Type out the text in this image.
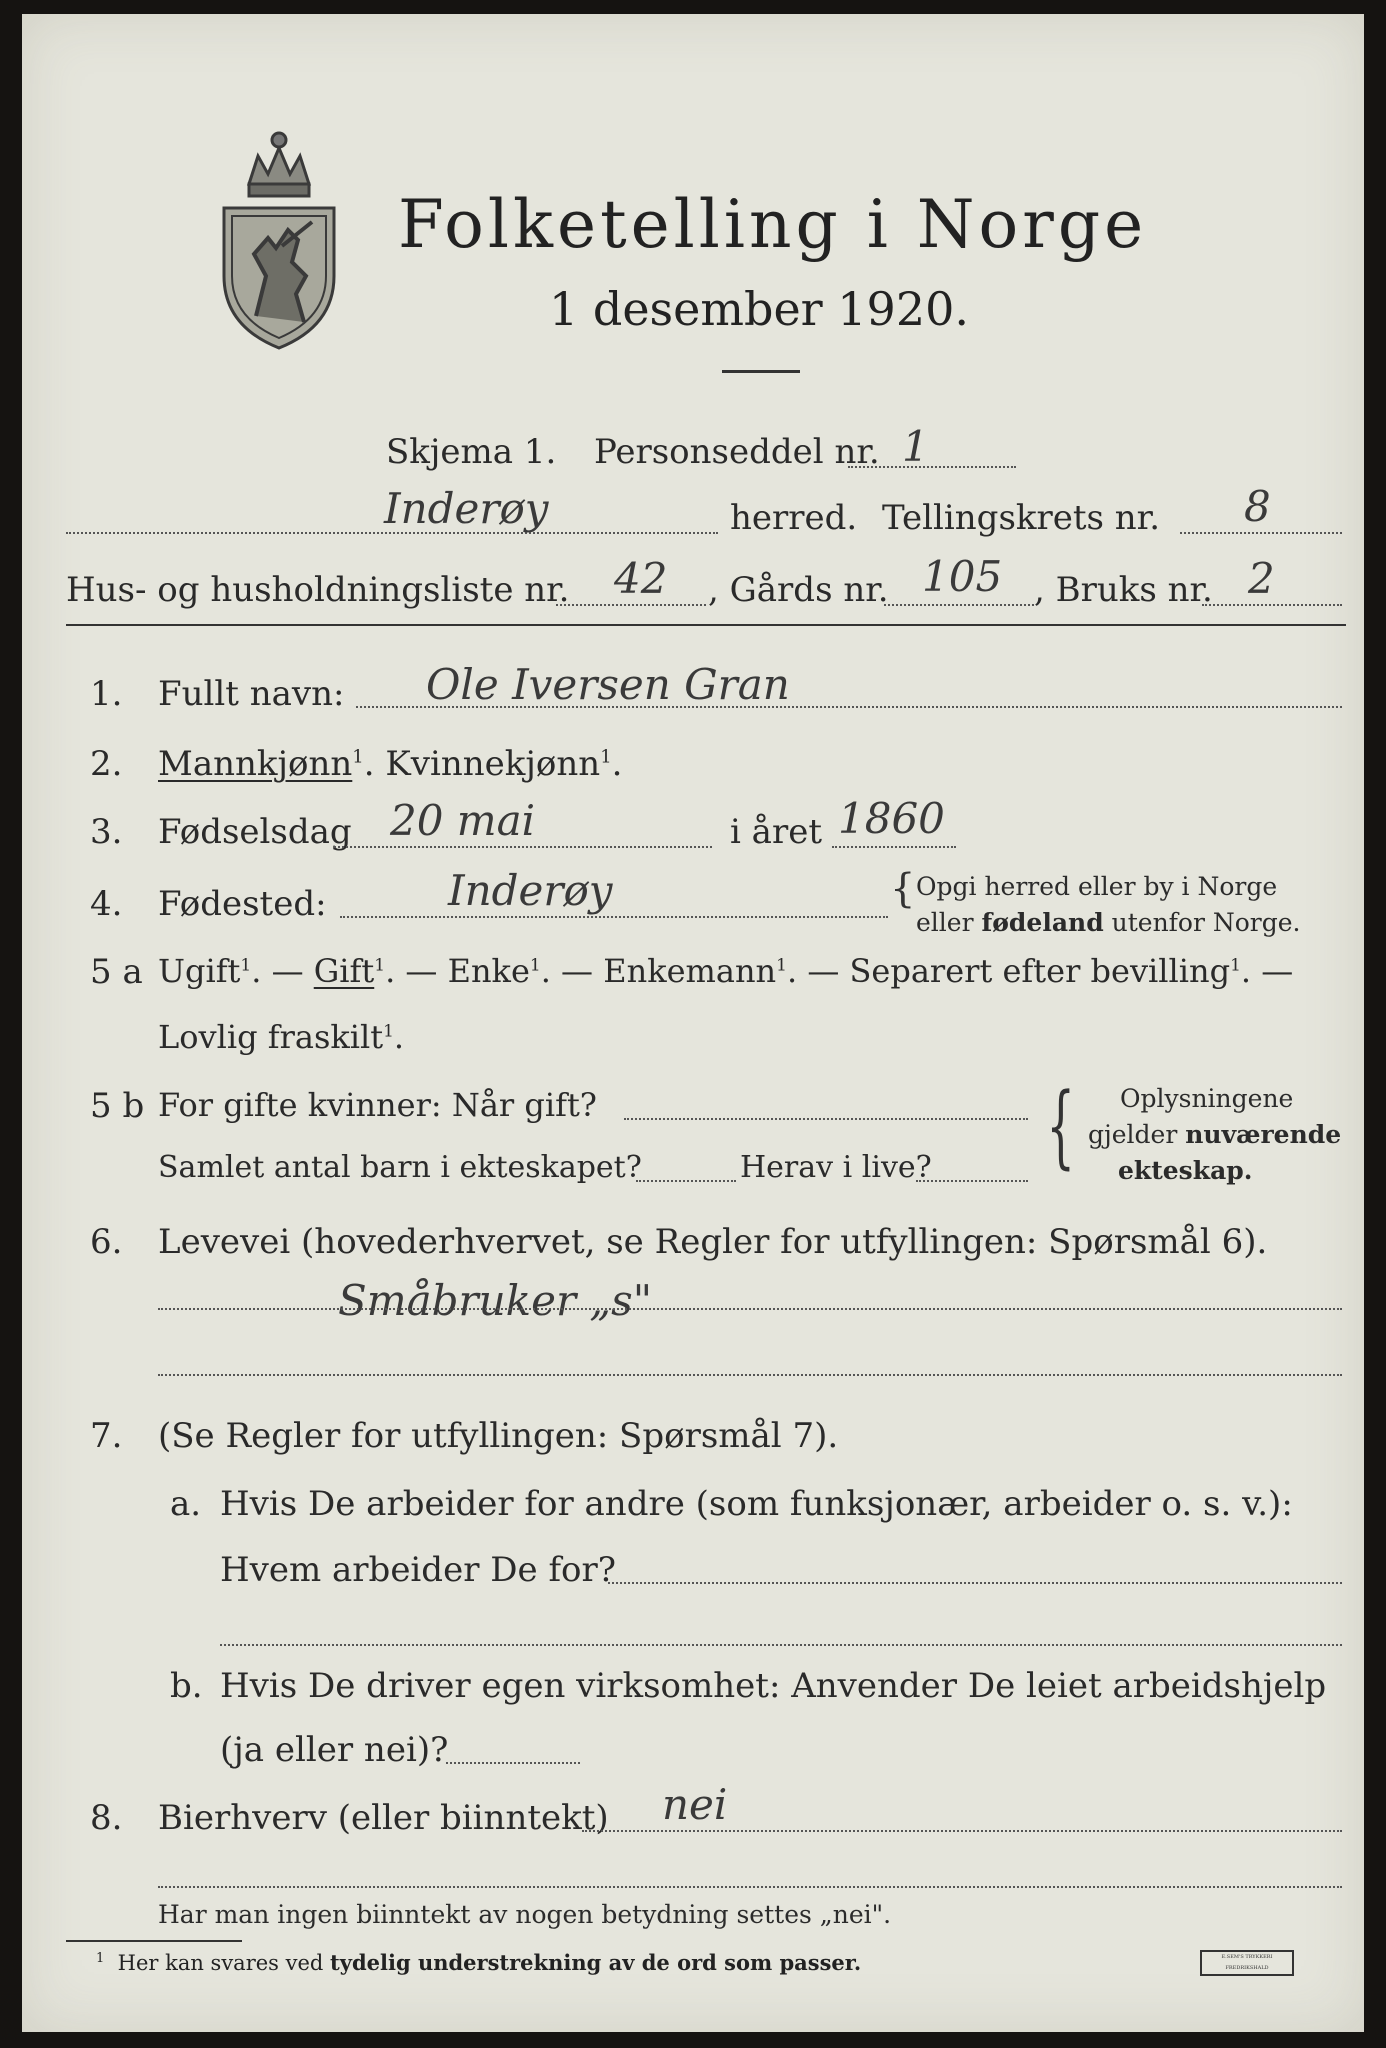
Folketelling i Norge
1 desember 1920.
Skjema 1. Personseddel nr. 1
Inderøy	herred. Tellingskrets nr. 8
Hus- og husholdningsliste nr. 42 , Gårds nr. 105 , Bruks nr. 2
1. Fullt navn: Ole Iversen Gran
2. Mannkjønn$^1$. Kvinnekjønn$^1$.
3. Fødselsdag 20 mai	i året 1860
4. Fødested:	Inderøy	{ Opgi herred eller by i Norge
eller fødeland utenfor Norge.
5 a Ugift$^1$. — Gift$^1$. — Enke$^1$. — Enkemann$^1$. — Separert efter bevilling$^1$. —
Lovlig fraskilt$^1$.
5 b For gifte kvinner: Når gift?
Samlet antal barn i ekteskapet?	Herav i live? { Oplysningene
gjelder nuværende
ekteskap.
6. Levevei (hovederhvervet, se Regler for utfyllingen: Spørsmål 6).
Småbruker „s"
7. (Se Regler for utfyllingen: Spørsmål 7).
a. Hvis De arbeider for andre (som funksjonær, arbeider o. s. v.):
Hvem arbeider De for?
b. Hvis De driver egen virksomhet: Anvender De leiet arbeidshjelp
(ja eller nei)?
8. Bierhverv (eller biinntekt) nei
Har man ingen biinntekt av nogen betydning settes „nei".
$^1$ Her kan svares ved tydelig understrekning av de ord som passer.	E.SEM'S TRYKKERI FREDRIKSHALD
